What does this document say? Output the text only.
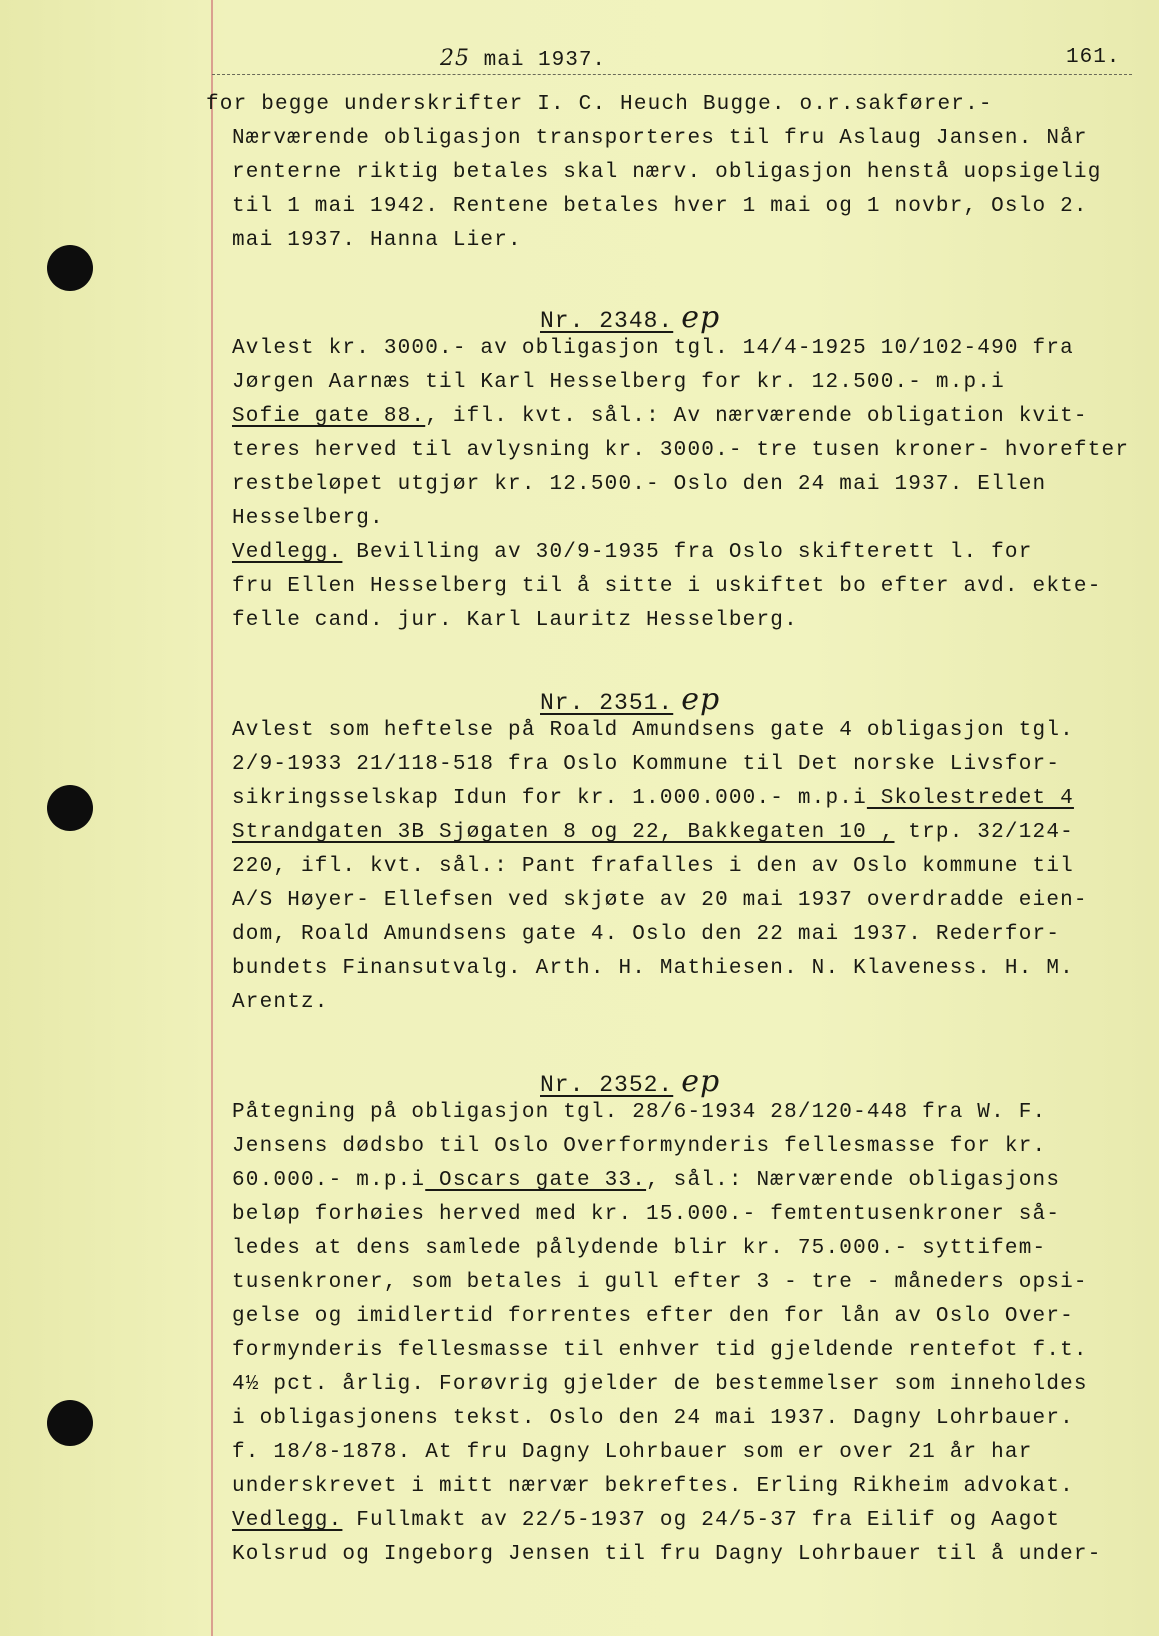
25 mai 1937.	161.
for begge underskrifter I. C. Heuch Bugge. o.r.sakfører.-
Nærværende obligasjon transporteres til fru Aslaug Jansen. Når
renterne riktig betales skal nærv. obligasjon henstå uopsigelig
til 1 mai 1942. Rentene betales hver 1 mai og 1 novbr, Oslo 2.
mai 1937. Hanna Lier.
Nr. 2348. ep
Avlest kr. 3000.- av obligasjon tgl. 14/4-1925 10/102-490 fra
Jørgen Aarnæs til Karl Hesselberg for kr. 12.500.- m.p.i
Sofie gate 88., ifl. kvt. sål.: Av nærværende obligation kvit-
teres herved til avlysning kr. 3000.- tre tusen kroner- hvorefter
restbeløpet utgjør kr. 12.500.- Oslo den 24 mai 1937. Ellen
Hesselberg.
Vedlegg. Bevilling av 30/9-1935 fra Oslo skifterett l. for
fru Ellen Hesselberg til å sitte i uskiftet bo efter avd. ekte-
felle cand. jur. Karl Lauritz Hesselberg.
Nr. 2351. ep
Avlest som heftelse på Roald Amundsens gate 4 obligasjon tgl.
2/9-1933 21/118-518 fra Oslo Kommune til Det norske Livsfor-
sikringsselskap Idun for kr. 1.000.000.- m.p.i Skolestredet 4
Strandgaten 3B Sjøgaten 8 og 22, Bakkegaten 10 , trp. 32/124-
220, ifl. kvt. sål.: Pant frafalles i den av Oslo kommune til
A/S Høyer- Ellefsen ved skjøte av 20 mai 1937 overdradde eien-
dom, Roald Amundsens gate 4. Oslo den 22 mai 1937. Rederfor-
bundets Finansutvalg. Arth. H. Mathiesen. N. Klaveness. H. M.
Arentz.
Nr. 2352. ep
Påtegning på obligasjon tgl. 28/6-1934 28/120-448 fra W. F.
Jensens dødsbo til Oslo Overformynderis fellesmasse for kr.
60.000.- m.p.i Oscars gate 33., sål.: Nærværende obligasjons
beløp forhøies herved med kr. 15.000.- femtentusenkroner så-
ledes at dens samlede pålydende blir kr. 75.000.- syttifem-
tusenkroner, som betales i gull efter 3 - tre - måneders opsi-
gelse og imidlertid forrentes efter den for lån av Oslo Over-
formynderis fellesmasse til enhver tid gjeldende rentefot f.t.
4½ pct. årlig. Forøvrig gjelder de bestemmelser som inneholdes
i obligasjonens tekst. Oslo den 24 mai 1937. Dagny Lohrbauer.
f. 18/8-1878. At fru Dagny Lohrbauer som er over 21 år har
underskrevet i mitt nærvær bekreftes. Erling Rikheim advokat.
Vedlegg. Fullmakt av 22/5-1937 og 24/5-37 fra Eilif og Aagot
Kolsrud og Ingeborg Jensen til fru Dagny Lohrbauer til å under-
